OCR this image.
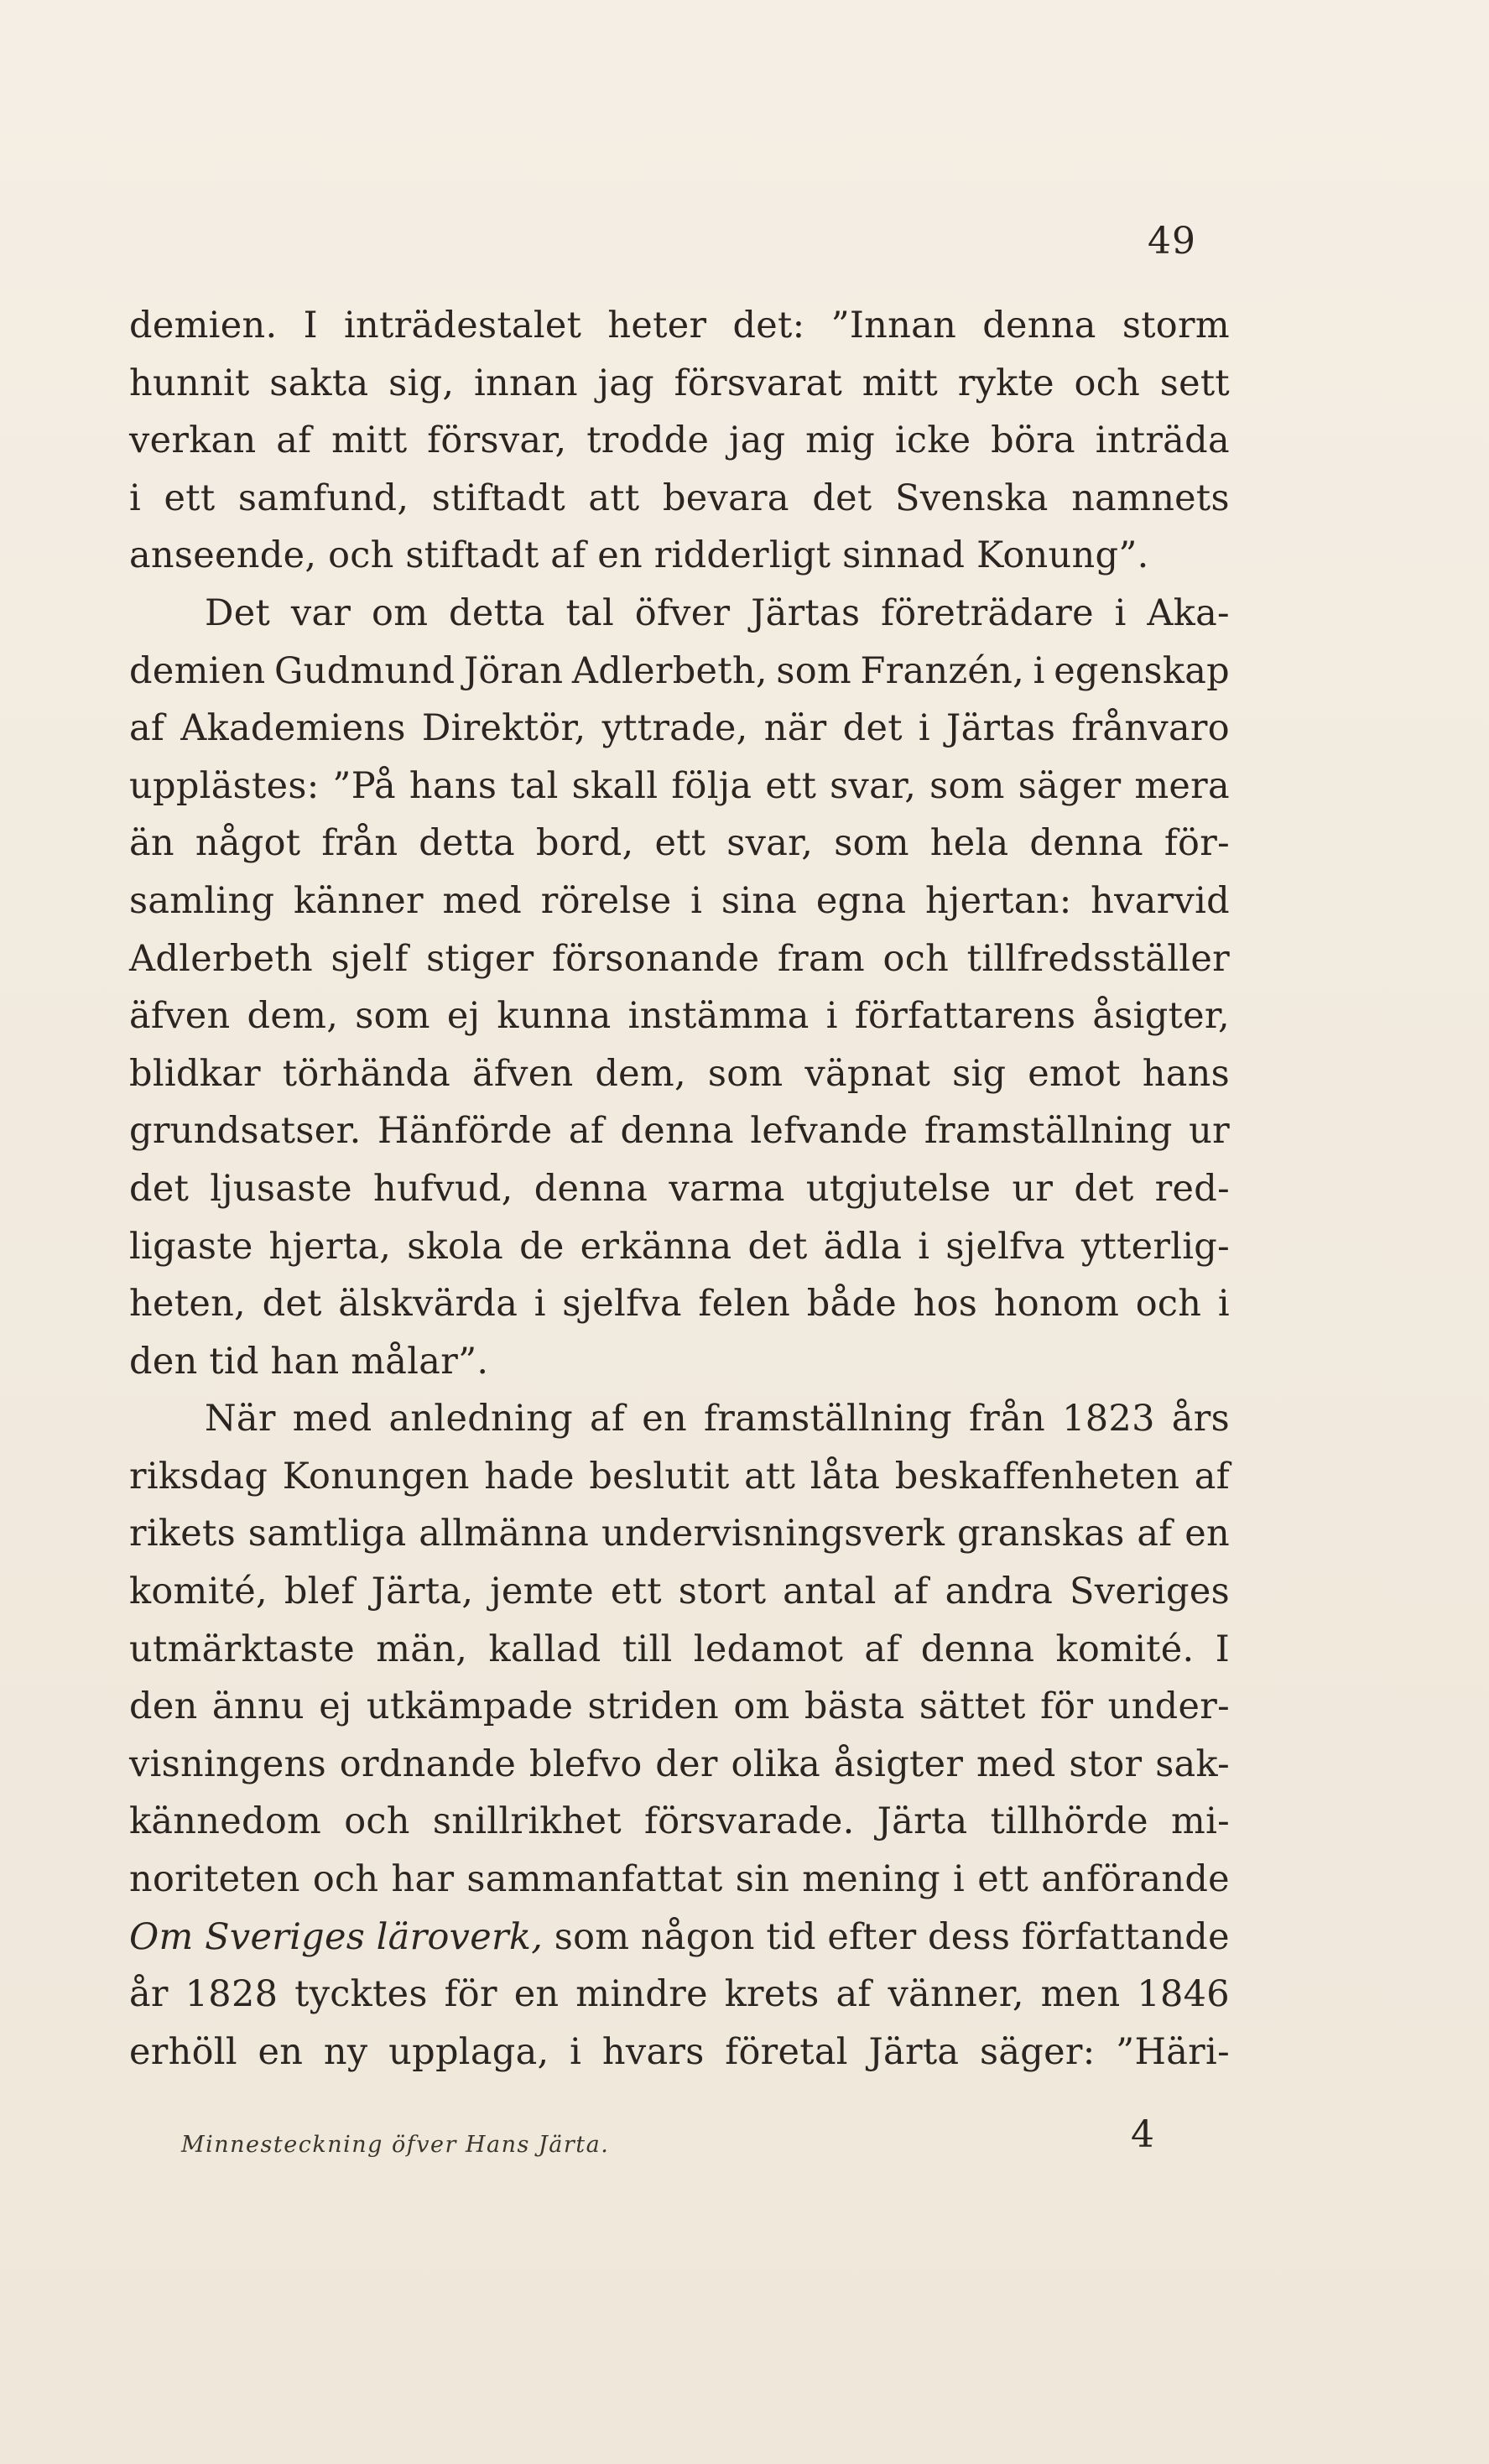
49
demien. I inträdestalet heter det: ”Innan denna storm
hunnit sakta sig, innan jag försvarat mitt rykte och sett
verkan af mitt försvar, trodde jag mig icke böra inträda
i ett samfund, stiftadt att bevara det Svenska namnets
anseende, och stiftadt af en ridderligt sinnad Konung”.
Det var om detta tal öfver Järtas företrädare i Aka-
demien Gudmund Jöran Adlerbeth, som Franzén, i egenskap
af Akademiens Direktör, yttrade, när det i Järtas frånvaro
upplästes: ”På hans tal skall följa ett svar, som säger mera
än något från detta bord, ett svar, som hela denna för-
samling känner med rörelse i sina egna hjertan: hvarvid
Adlerbeth sjelf stiger försonande fram och tillfredsställer
äfven dem, som ej kunna instämma i författarens åsigter,
blidkar törhända äfven dem, som väpnat sig emot hans
grundsatser. Hänförde af denna lefvande framställning ur
det ljusaste hufvud, denna varma utgjutelse ur det red-
ligaste hjerta, skola de erkänna det ädla i sjelfva ytterlig-
heten, det älskvärda i sjelfva felen både hos honom och i
den tid han målar”.
När med anledning af en framställning från 1823 års
riksdag Konungen hade beslutit att låta beskaffenheten af
rikets samtliga allmänna undervisningsverk granskas af en
komité, blef Järta, jemte ett stort antal af andra Sveriges
utmärktaste män, kallad till ledamot af denna komité. I
den ännu ej utkämpade striden om bästa sättet för under-
visningens ordnande blefvo der olika åsigter med stor sak-
kännedom och snillrikhet försvarade. Järta tillhörde mi-
noriteten och har sammanfattat sin mening i ett anförande
Om Sveriges läroverk, som någon tid efter dess författande
år 1828 tycktes för en mindre krets af vänner, men 1846
erhöll en ny upplaga, i hvars företal Järta säger: ”Häri-
Minnesteckning öfver Hans Järta.	4
